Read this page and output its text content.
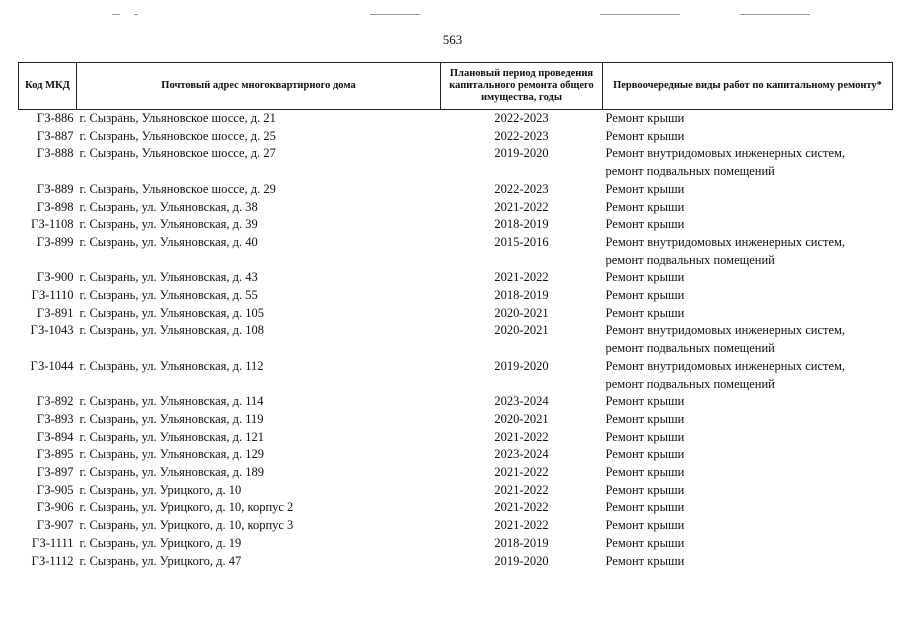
563
Код МКД	Почтовый адрес многоквартирного дома	Плановый период проведения капитального ремонта общего имущества, годы	Первоочередные виды работ по капитальному ремонту*
ГЗ-886	г. Сызрань, Ульяновское шоссе, д. 21	2022-2023	Ремонт крыши

ГЗ-887	г. Сызрань, Ульяновское шоссе, д. 25	2022-2023	Ремонт крыши

ГЗ-888	г. Сызрань, Ульяновское шоссе, д. 27	2019-2020	Ремонт внутридомовых инженерных систем,
ремонт подвальных помещений

ГЗ-889	г. Сызрань, Ульяновское шоссе, д. 29	2022-2023	Ремонт крыши

ГЗ-898	г. Сызрань, ул. Ульяновская, д. 38	2021-2022	Ремонт крыши

ГЗ-1108	г. Сызрань, ул. Ульяновская, д. 39	2018-2019	Ремонт крыши

ГЗ-899	г. Сызрань, ул. Ульяновская, д. 40	2015-2016	Ремонт внутридомовых инженерных систем,
ремонт подвальных помещений

ГЗ-900	г. Сызрань, ул. Ульяновская, д. 43	2021-2022	Ремонт крыши

ГЗ-1110	г. Сызрань, ул. Ульяновская, д. 55	2018-2019	Ремонт крыши

ГЗ-891	г. Сызрань, ул. Ульяновская, д. 105	2020-2021	Ремонт крыши

ГЗ-1043	г. Сызрань, ул. Ульяновская, д. 108	2020-2021	Ремонт внутридомовых инженерных систем,
ремонт подвальных помещений

ГЗ-1044	г. Сызрань, ул. Ульяновская, д. 112	2019-2020	Ремонт внутридомовых инженерных систем,
ремонт подвальных помещений

ГЗ-892	г. Сызрань, ул. Ульяновская, д. 114	2023-2024	Ремонт крыши

ГЗ-893	г. Сызрань, ул. Ульяновская, д. 119	2020-2021	Ремонт крыши

ГЗ-894	г. Сызрань, ул. Ульяновская, д. 121	2021-2022	Ремонт крыши

ГЗ-895	г. Сызрань, ул. Ульяновская, д. 129	2023-2024	Ремонт крыши

ГЗ-897	г. Сызрань, ул. Ульяновская, д. 189	2021-2022	Ремонт крыши

ГЗ-905	г. Сызрань, ул. Урицкого, д. 10	2021-2022	Ремонт крыши

ГЗ-906	г. Сызрань, ул. Урицкого, д. 10, корпус 2	2021-2022	Ремонт крыши

ГЗ-907	г. Сызрань, ул. Урицкого, д. 10, корпус 3	2021-2022	Ремонт крыши

ГЗ-1111	г. Сызрань, ул. Урицкого, д. 19	2018-2019	Ремонт крыши

ГЗ-1112	г. Сызрань, ул. Урицкого, д. 47	2019-2020	Ремонт крыши
